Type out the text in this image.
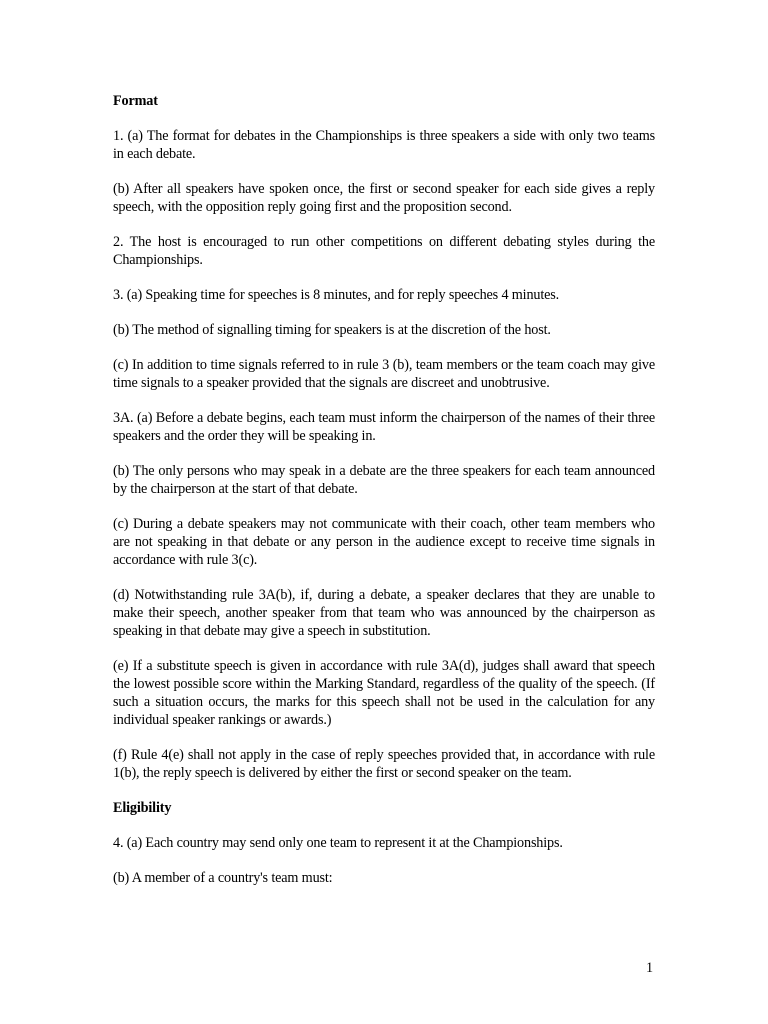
Format

1. (a) The format for debates in the Championships is three speakers a side with only two teams in each debate.

(b) After all speakers have spoken once, the first or second speaker for each side gives a reply speech, with the opposition reply going first and the proposition second.

2. The host is encouraged to run other competitions on different debating styles during the Championships.

3. (a) Speaking time for speeches is 8 minutes, and for reply speeches 4 minutes.

(b) The method of signalling timing for speakers is at the discretion of the host.

(c) In addition to time signals referred to in rule 3 (b), team members or the team coach may give time signals to a speaker provided that the signals are discreet and unobtrusive.

3A. (a) Before a debate begins, each team must inform the chairperson of the names of their three speakers and the order they will be speaking in.

(b) The only persons who may speak in a debate are the three speakers for each team announced by the chairperson at the start of that debate.

(c) During a debate speakers may not communicate with their coach, other team members who are not speaking in that debate or any person in the audience except to receive time signals in accordance with rule 3(c).

(d) Notwithstanding rule 3A(b), if, during a debate, a speaker declares that they are unable to make their speech, another speaker from that team who was announced by the chairperson as speaking in that debate may give a speech in substitution.

(e) If a substitute speech is given in accordance with rule 3A(d), judges shall award that speech the lowest possible score within the Marking Standard, regardless of the quality of the speech. (If such a situation occurs, the marks for this speech shall not be used in the calculation for any individual speaker rankings or awards.)

(f) Rule 4(e) shall not apply in the case of reply speeches provided that, in accordance with rule 1(b), the reply speech is delivered by either the first or second speaker on the team.

Eligibility

4. (a) Each country may send only one team to represent it at the Championships.

(b) A member of a country's team must:

1
